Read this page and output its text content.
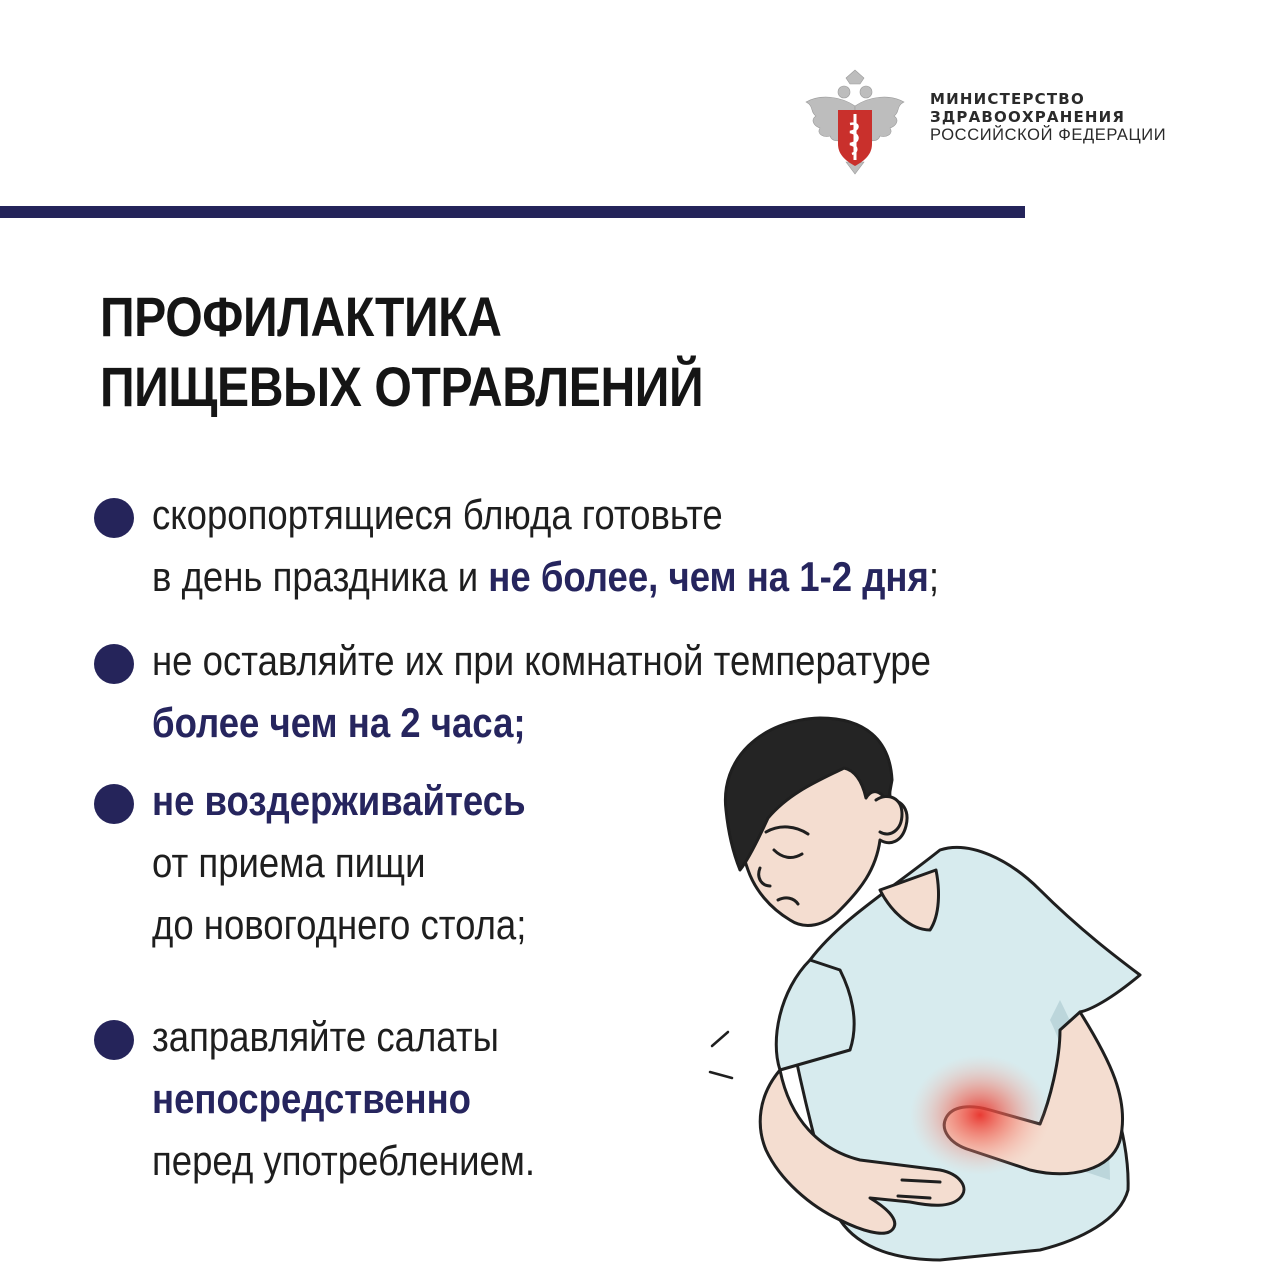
МИНИСТЕРСТВО
ЗДРАВООХРАНЕНИЯ
РОССИЙСКОЙ ФЕДЕРАЦИИ
ПРОФИЛАКТИКА
ПИЩЕВЫХ ОТРАВЛЕНИЙ
скоропортящиеся блюда готовьте
в день праздника и не более, чем на 1-2 дня;
не оставляйте их при комнатной температуре
более чем на 2 часа;
не воздерживайтесь
от приема пищи
до новогоднего стола;
заправляйте салаты
непосредственно
перед употреблением.
